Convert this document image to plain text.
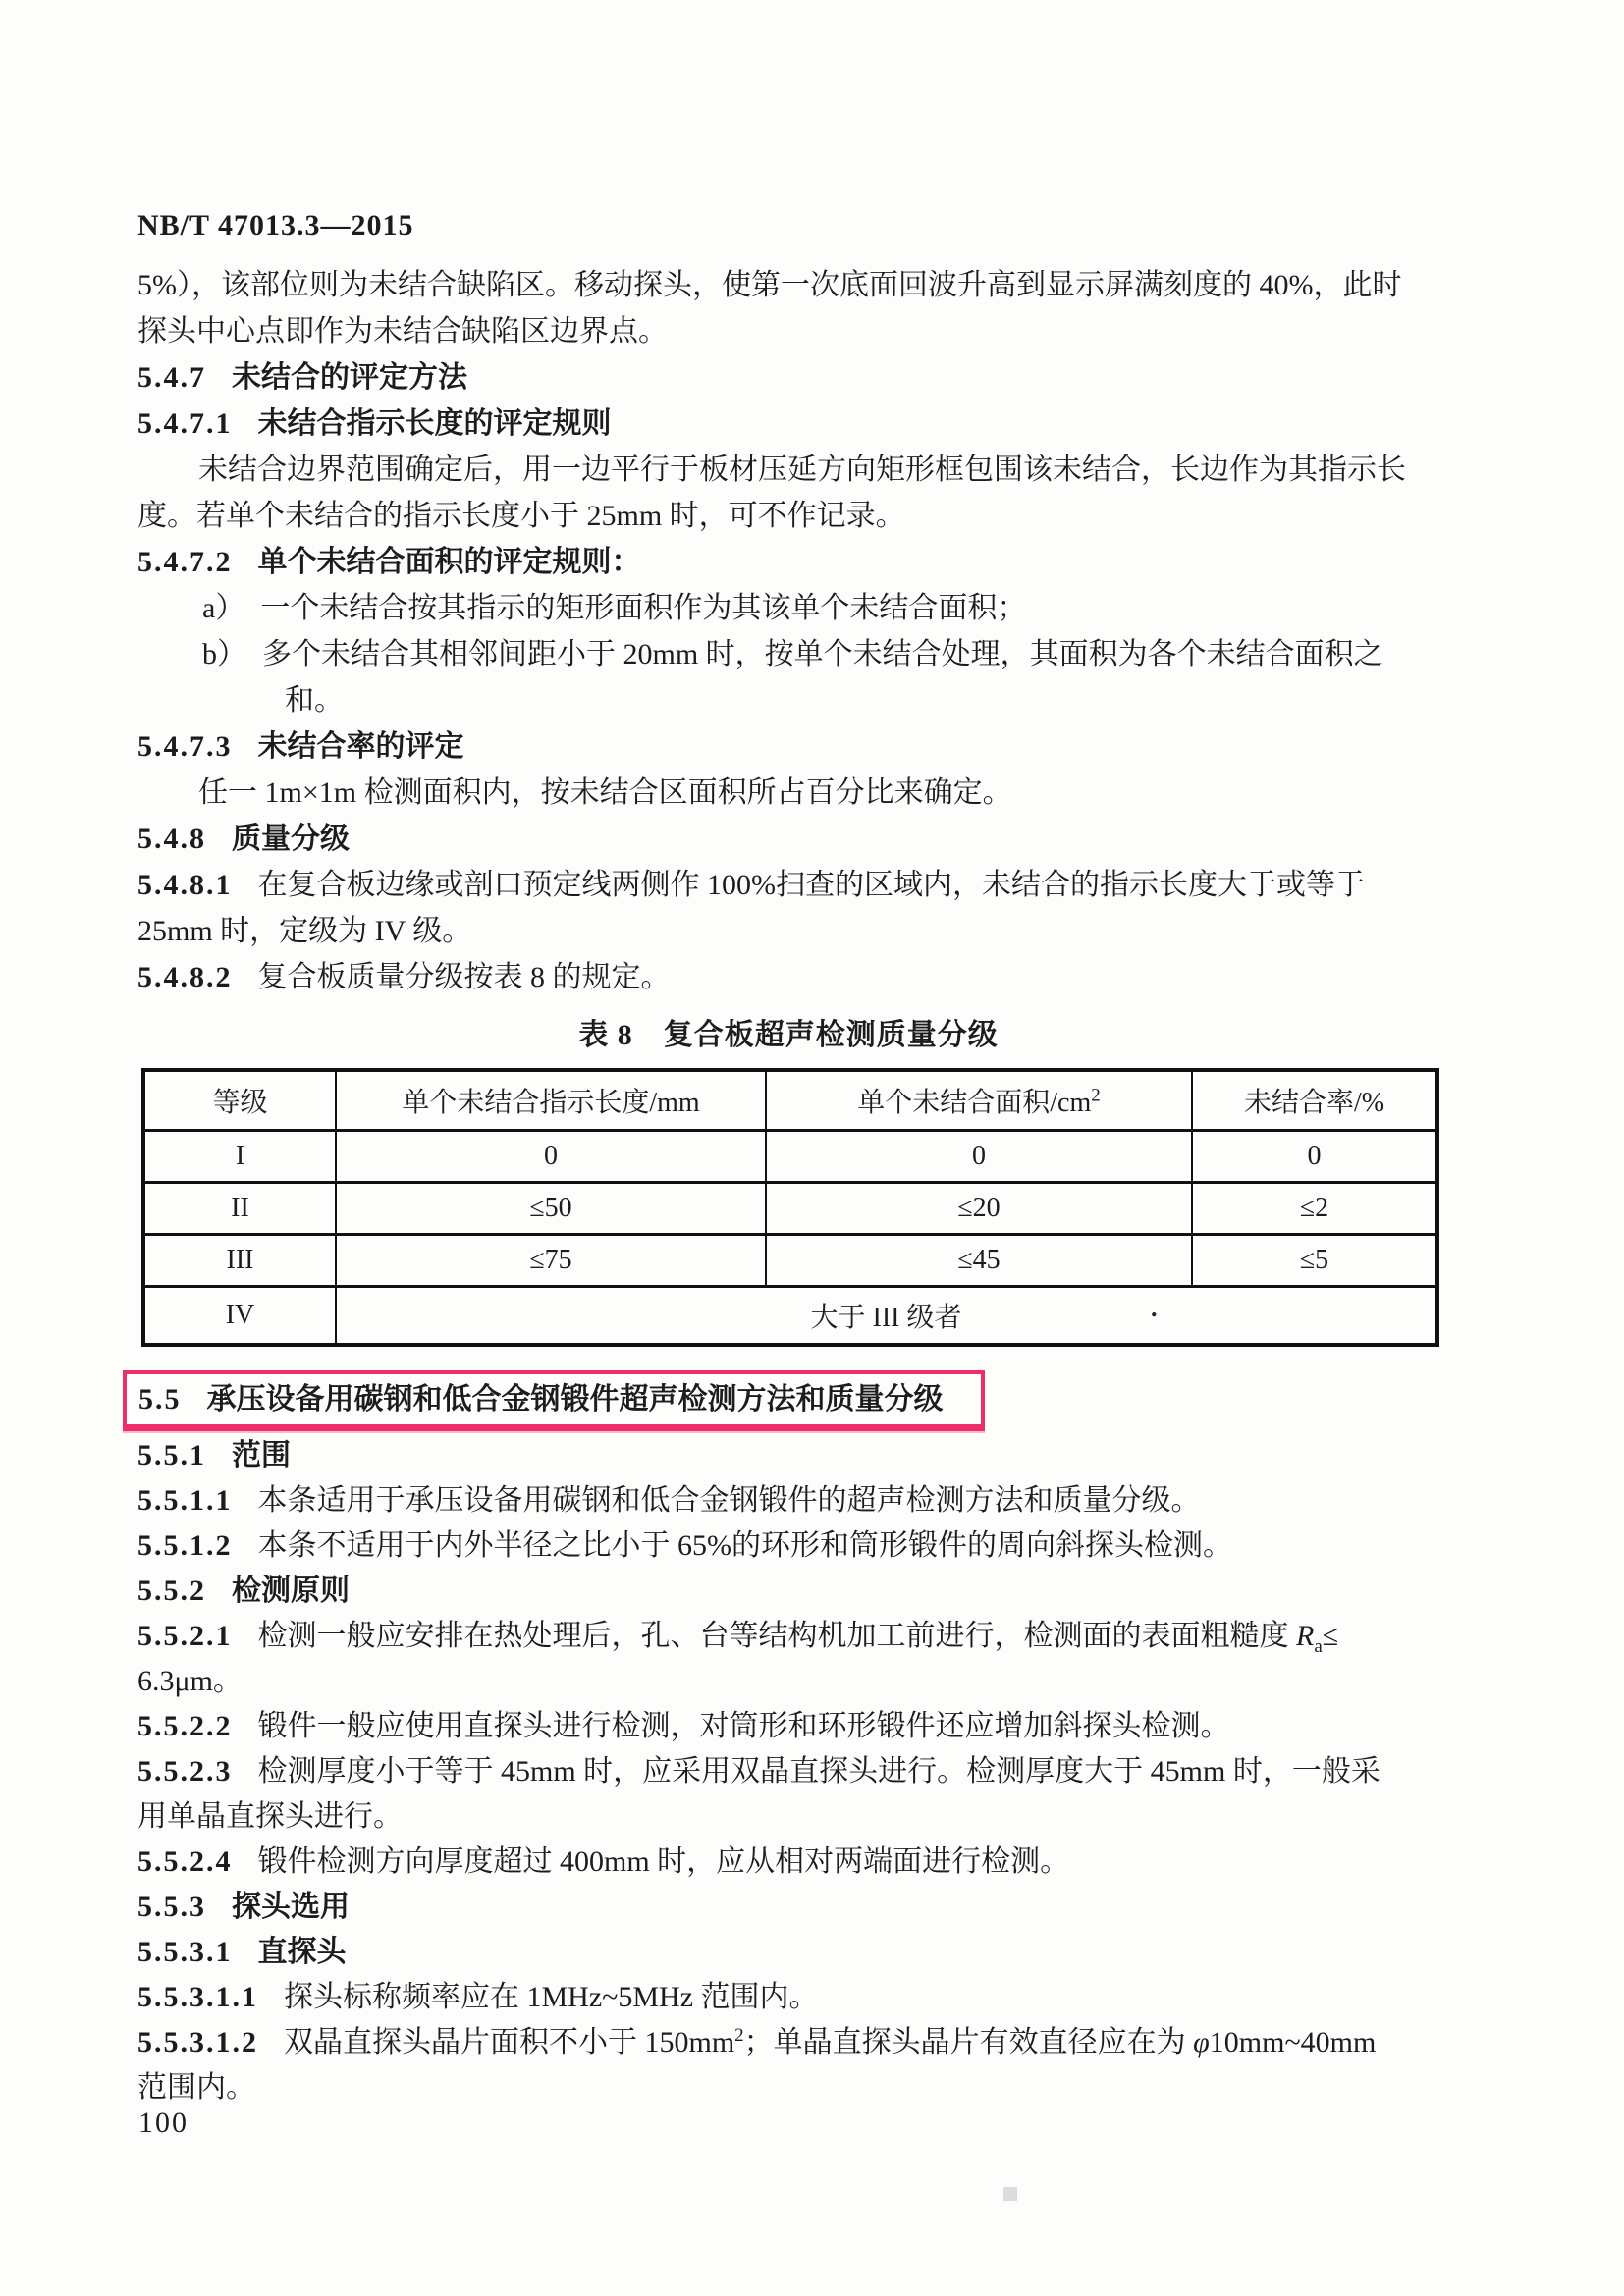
NB/T 47013.3—2015
5%），该部位则为未结合缺陷区。移动探头，使第一次底面回波升高到显示屏满刻度的 40%，此时
探头中心点即作为未结合缺陷区边界点。
5.4.7 未结合的评定方法
5.4.7.1 未结合指示长度的评定规则
未结合边界范围确定后，用一边平行于板材压延方向矩形框包围该未结合，长边作为其指示长
度。若单个未结合的指示长度小于 25mm 时，可不作记录。
5.4.7.2 单个未结合面积的评定规则：
a） 一个未结合按其指示的矩形面积作为其该单个未结合面积；
b） 多个未结合其相邻间距小于 20mm 时，按单个未结合处理，其面积为各个未结合面积之
和。
5.4.7.3 未结合率的评定
任一 1m×1m 检测面积内，按未结合区面积所占百分比来确定。
5.4.8 质量分级
5.4.8.1 在复合板边缘或剖口预定线两侧作 100%扫查的区域内，未结合的指示长度大于或等于
25mm 时，定级为 IV 级。
5.4.8.2 复合板质量分级按表 8 的规定。
表 8　复合板超声检测质量分级
等级	单个未结合指示长度/mm	单个未结合面积$/cm^2$	未结合率/%
I	0	0	0
II	≤50	≤20	≤2
III	≤75	≤45	≤5
IV	大于 III 级者		
5.5 承压设备用碳钢和低合金钢锻件超声检测方法和质量分级
5.5.1 范围
5.5.1.1 本条适用于承压设备用碳钢和低合金钢锻件的超声检测方法和质量分级。
5.5.1.2 本条不适用于内外半径之比小于 65%的环形和筒形锻件的周向斜探头检测。
5.5.2 检测原则
5.5.2.1 检测一般应安排在热处理后，孔、台等结构机加工前进行，检测面的表面粗糙度 $R_a\le$
6.3μm。
5.5.2.2 锻件一般应使用直探头进行检测，对筒形和环形锻件还应增加斜探头检测。
5.5.2.3 检测厚度小于等于 45mm 时，应采用双晶直探头进行。检测厚度大于 45mm 时，一般采
用单晶直探头进行。
5.5.2.4 锻件检测方向厚度超过 400mm 时，应从相对两端面进行检测。
5.5.3 探头选用
5.5.3.1 直探头
5.5.3.1.1 探头标称频率应在 1MHz~5MHz 范围内。
5.5.3.1.2 双晶直探头晶片面积不小于 $150mm^2$；单晶直探头晶片有效直径应在为 φ10mm~40mm
范围内。
.
100
